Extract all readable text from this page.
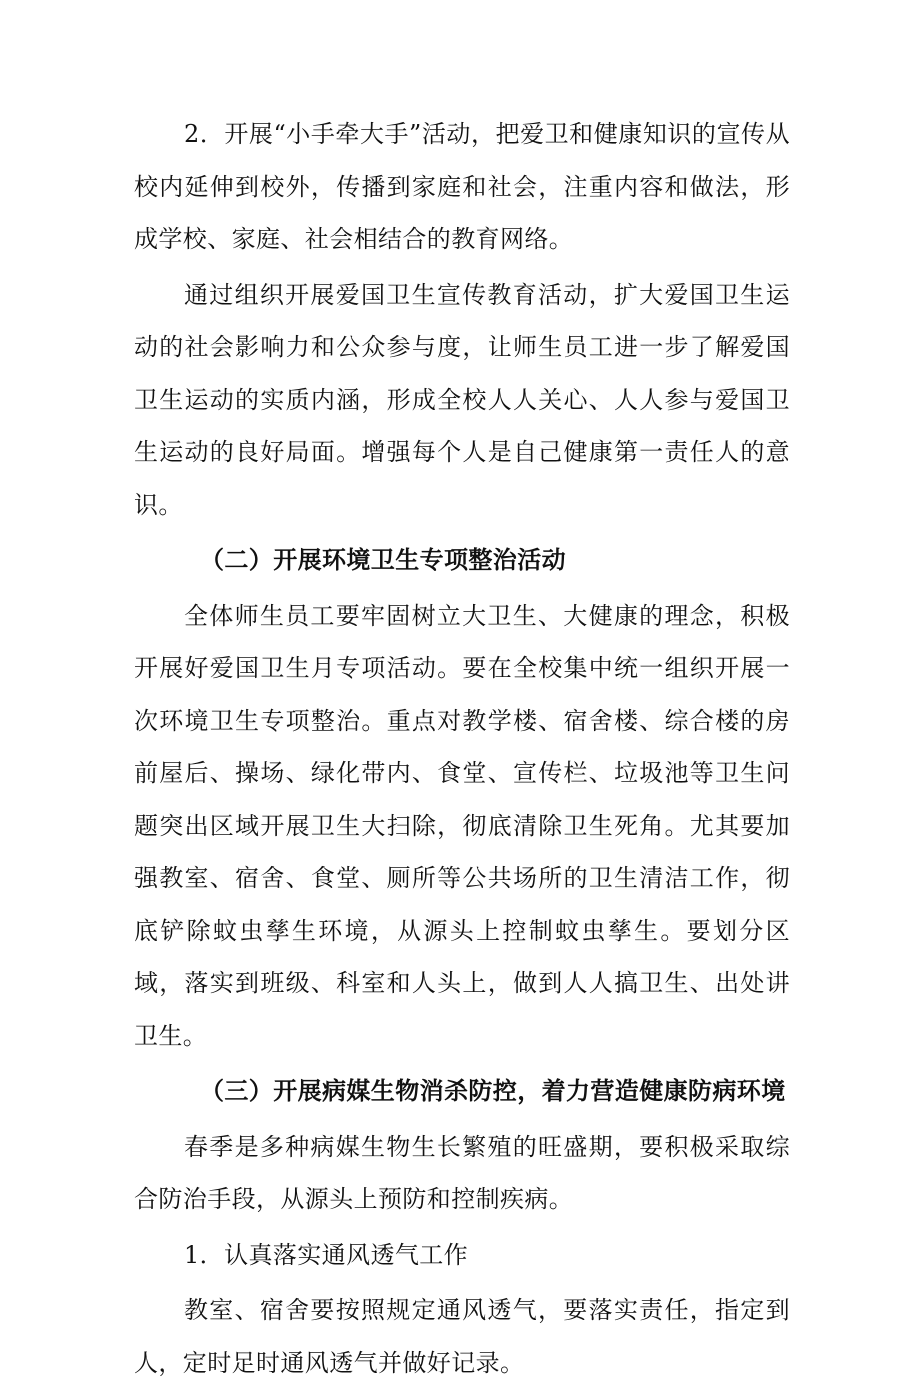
2．开展“小手牵大手”活动，把爱卫和健康知识的宣传从校内延伸到校外，传播到家庭和社会，注重内容和做法，形成学校、家庭、社会相结合的教育网络。

通过组织开展爱国卫生宣传教育活动，扩大爱国卫生运动的社会影响力和公众参与度，让师生员工进一步了解爱国卫生运动的实质内涵，形成全校人人关心、人人参与爱国卫生运动的良好局面。增强每个人是自己健康第一责任人的意识。

（二）开展环境卫生专项整治活动

全体师生员工要牢固树立大卫生、大健康的理念，积极开展好爱国卫生月专项活动。要在全校集中统一组织开展一次环境卫生专项整治。重点对教学楼、宿舍楼、综合楼的房前屋后、操场、绿化带内、食堂、宣传栏、垃圾池等卫生问题突出区域开展卫生大扫除，彻底清除卫生死角。尤其要加强教室、宿舍、食堂、厕所等公共场所的卫生清洁工作，彻底铲除蚊虫孳生环境，从源头上控制蚊虫孳生。要划分区域，落实到班级、科室和人头上，做到人人搞卫生、出处讲卫生。

（三）开展病媒生物消杀防控，着力营造健康防病环境

春季是多种病媒生物生长繁殖的旺盛期，要积极采取综合防治手段，从源头上预防和控制疾病。

1．认真落实通风透气工作

教室、宿舍要按照规定通风透气，要落实责任，指定到人，定时足时通风透气并做好记录。
